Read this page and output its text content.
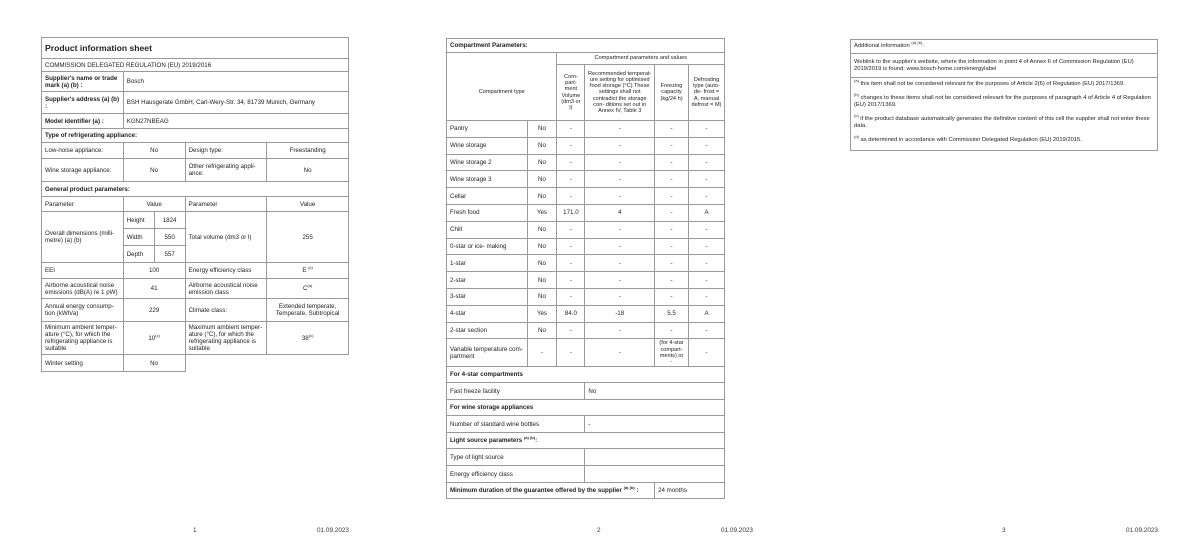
Product information sheet				
COMMISSION DELEGATED REGULATION (EU) 2019/2016				
Supplier's name or trade mark (a) (b) :	Bosch			
Supplier's address (a) (b) :	BSH Hausgerate GmbH, Carl-Wery-Str. 34, 81739 Munich, Germany			
Model identifier (a) :	KGN27NBEAG			
Type of refrigerating appliance:				
Low-noise appliance:	No		Design type:	Freestanding
Wine storage appliance:	No		Other refrigerating appli- ance:	No
General product parameters:				
Parameter	Value		Parameter	Value
Overall dimensions (milli- metre) (a) (b)	Height	1824	Total volume (dm3 or l)	255
	Width	550		
	Depth	557		
EEI	100		Energy efficiency class	E $^{(c)}$
Airborne acoustical noise emissions (dB(A) re 1 pW)	41		Airborne acoustical noise emission class	$C^{(a)}$
Annual energy consump- tion (kWh/a)	229		Climate class:	Extended temperate, Temperate, Subtropical
Minimum ambient temper- ature (°C), for which the refrigerating appliance is suitable	10$^{(c)}$		Maximum ambient temper- ature (°C), for which the refrigerating appliance is suitable	38$^{(c)}$
Winter setting	No			
1	01.09.2023
Compartment Parameters:					
		Compartment parameters and values			
Compartment type		Com- part- ment Volume (dm3 or l)	Recommended temperat- ure setting for optimised food storage (°C) These settings shall not contradict the storage con- ditions set out in Annex IV, Table 3	Freezing capacity (kg/24 h)	Defrosting type (auto-de- frost = A, manual defrost = M)
Pantry	No	-	-	-	-
Wine storage	No	-	-	-	-
Wine storage 2	No	-	-	-	-
Wine storage 3	No	-	-	-	-
Cellar	No	-	-	-	-
Fresh food	Yes	171.0	4	-	A
Chill	No	-	-	-	-
0-star or ice- making	No	-	-	-	-
1-star	No	-	-	-	-
2-star	No	-	-	-	-
3-star	No	-	-	-	-
4-star	Yes	84.0	-18	5.5	A
2-star section	No	-	-	-	-
Variable temperature com- partment	-	-	-	(for 4-star compart- ments) or -	-
For 4-star compartments					
Fast freeze facility			No		
For wine storage appliances					
Number of standard wine bottles			-		
Light source parameters $^{(a) (b)}$:					
Type of light source					
Energy efficiency class					
Minimum duration of the guarantee offered by the supplier $^{(a) (b)}$ :				24 months	
2	01.09.2023
Additional information $^{(a) (b)}$:
Weblink to the supplier's website, where the information in point 4 of Annex II of Commission Regulation (EU) 2019/2019 is found: www.bosch-home.com/energylabel

$^{(a)}$ this item shall not be considered relevant for the purposes of Article 2(6) of Regulation (EU) 2017/1369.
$^{(b)}$ changes to these items shall not be considered relevant for the purposes of paragraph 4 of Article 4 of Regulation (EU) 2017/1369.
$^{(c)}$ if the product database automatically generates the definitive content of this cell the supplier shall not enter these data.
$^{(d)}$ as determined in accordance with Commission Delegated Regulation (EU) 2019/2015.
3	01.09.2023
